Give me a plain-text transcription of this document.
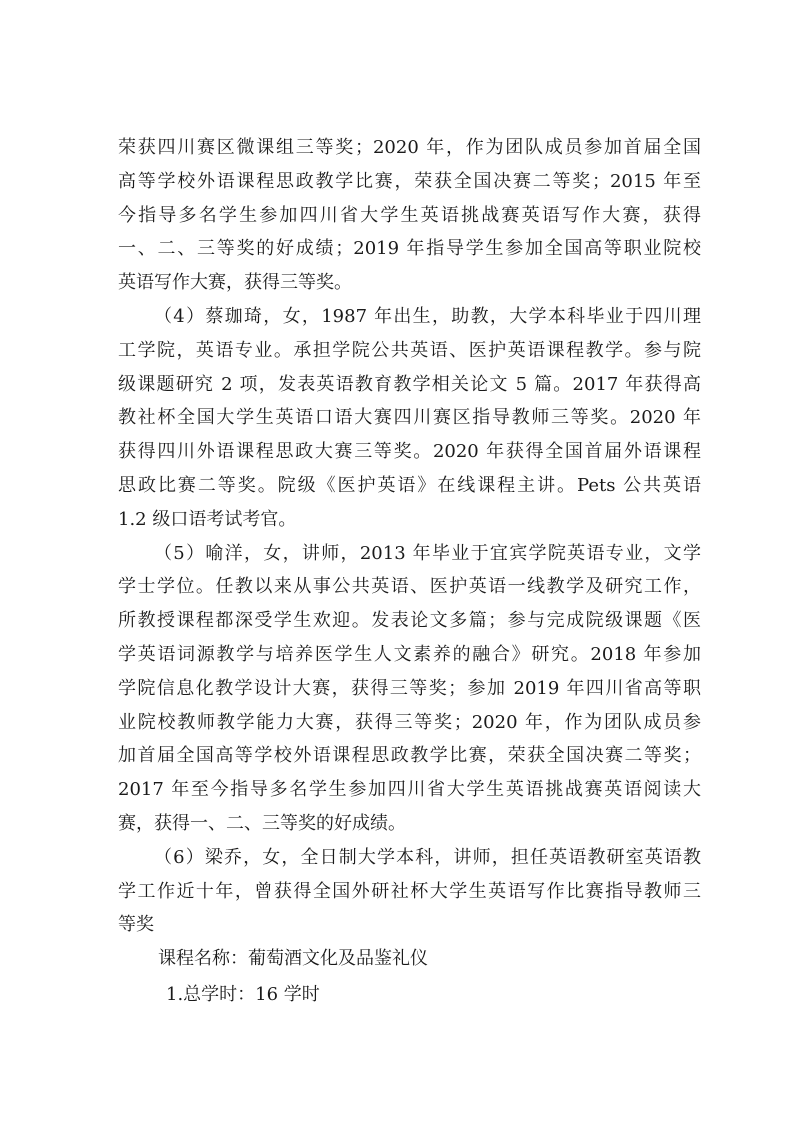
荣获四川赛区微课组三等奖；2020 年，作为团队成员参加首届全国
高等学校外语课程思政教学比赛，荣获全国决赛二等奖；2015 年至
今指导多名学生参加四川省大学生英语挑战赛英语写作大赛，获得
一、二、三等奖的好成绩；2019 年指导学生参加全国高等职业院校
英语写作大赛，获得三等奖。
（4）蔡珈琦，女，1987 年出生，助教，大学本科毕业于四川理
工学院，英语专业。承担学院公共英语、医护英语课程教学。参与院
级课题研究 2 项，发表英语教育教学相关论文 5 篇。2017 年获得高
教社杯全国大学生英语口语大赛四川赛区指导教师三等奖。2020 年
获得四川外语课程思政大赛三等奖。2020 年获得全国首届外语课程
思政比赛二等奖。院级《医护英语》在线课程主讲。Pets 公共英语
1.2 级口语考试考官。
（5）喻洋，女，讲师，2013 年毕业于宜宾学院英语专业，文学
学士学位。任教以来从事公共英语、医护英语一线教学及研究工作，
所教授课程都深受学生欢迎。发表论文多篇；参与完成院级课题《医
学英语词源教学与培养医学生人文素养的融合》研究。2018 年参加
学院信息化教学设计大赛，获得三等奖；参加 2019 年四川省高等职
业院校教师教学能力大赛，获得三等奖；2020 年，作为团队成员参
加首届全国高等学校外语课程思政教学比赛，荣获全国决赛二等奖；
2017 年至今指导多名学生参加四川省大学生英语挑战赛英语阅读大
赛，获得一、二、三等奖的好成绩。
（6）梁乔，女，全日制大学本科，讲师，担任英语教研室英语教
学工作近十年，曾获得全国外研社杯大学生英语写作比赛指导教师三
等奖
课程名称：葡萄酒文化及品鉴礼仪
1.总学时：16 学时
